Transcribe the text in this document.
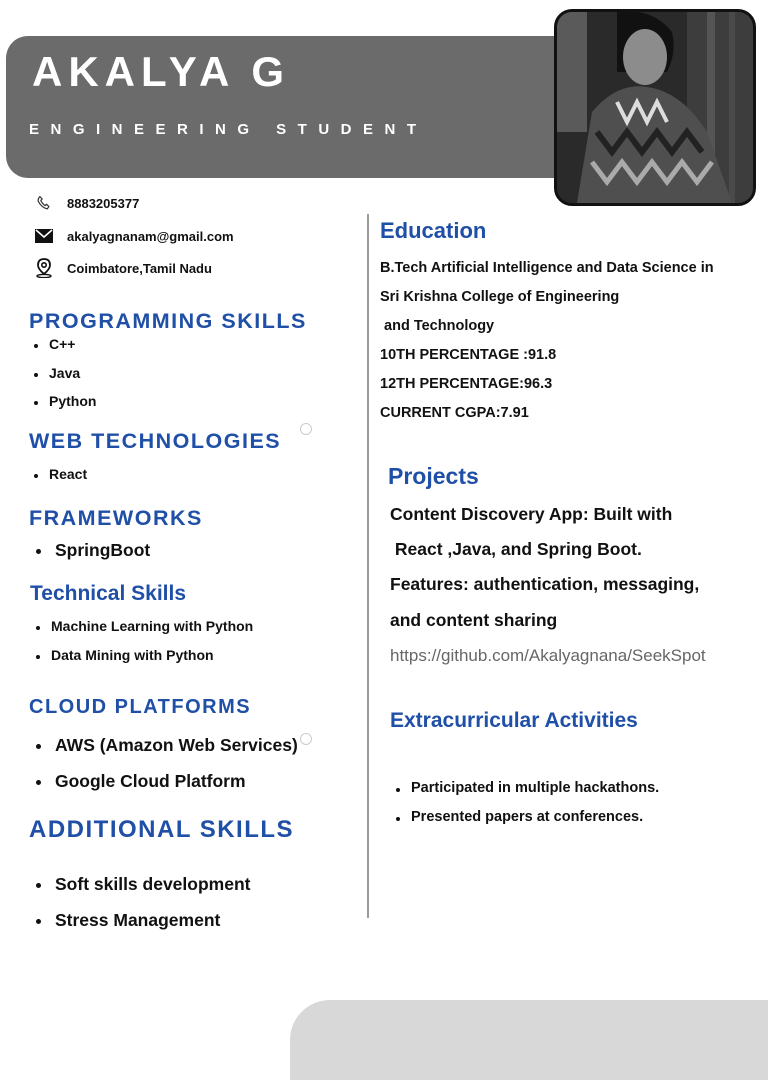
AKALYA G
ENGINEERING STUDENT
8883205377
akalyagnanam@gmail.com
Coimbatore,Tamil Nadu
PROGRAMMING SKILLS
C++
Java
Python
WEB TECHNOLOGIES
React
FRAMEWORKS
SpringBoot
Technical Skills
Machine Learning with Python
Data Mining with Python
CLOUD PLATFORMS
AWS (Amazon Web Services)
Google Cloud Platform
ADDITIONAL SKILLS
Soft skills development
Stress Management
Education
B.Tech Artificial Intelligence and Data Science in
Sri Krishna College of Engineering
and Technology
10TH PERCENTAGE :91.8
12TH PERCENTAGE:96.3
CURRENT CGPA:7.91
Projects
Content Discovery App: Built with
React ,Java, and Spring Boot.
Features: authentication, messaging,
and content sharing
https://github.com/Akalyagnana/SeekSpot
Extracurricular Activities
Participated in multiple hackathons.
Presented papers at conferences.
